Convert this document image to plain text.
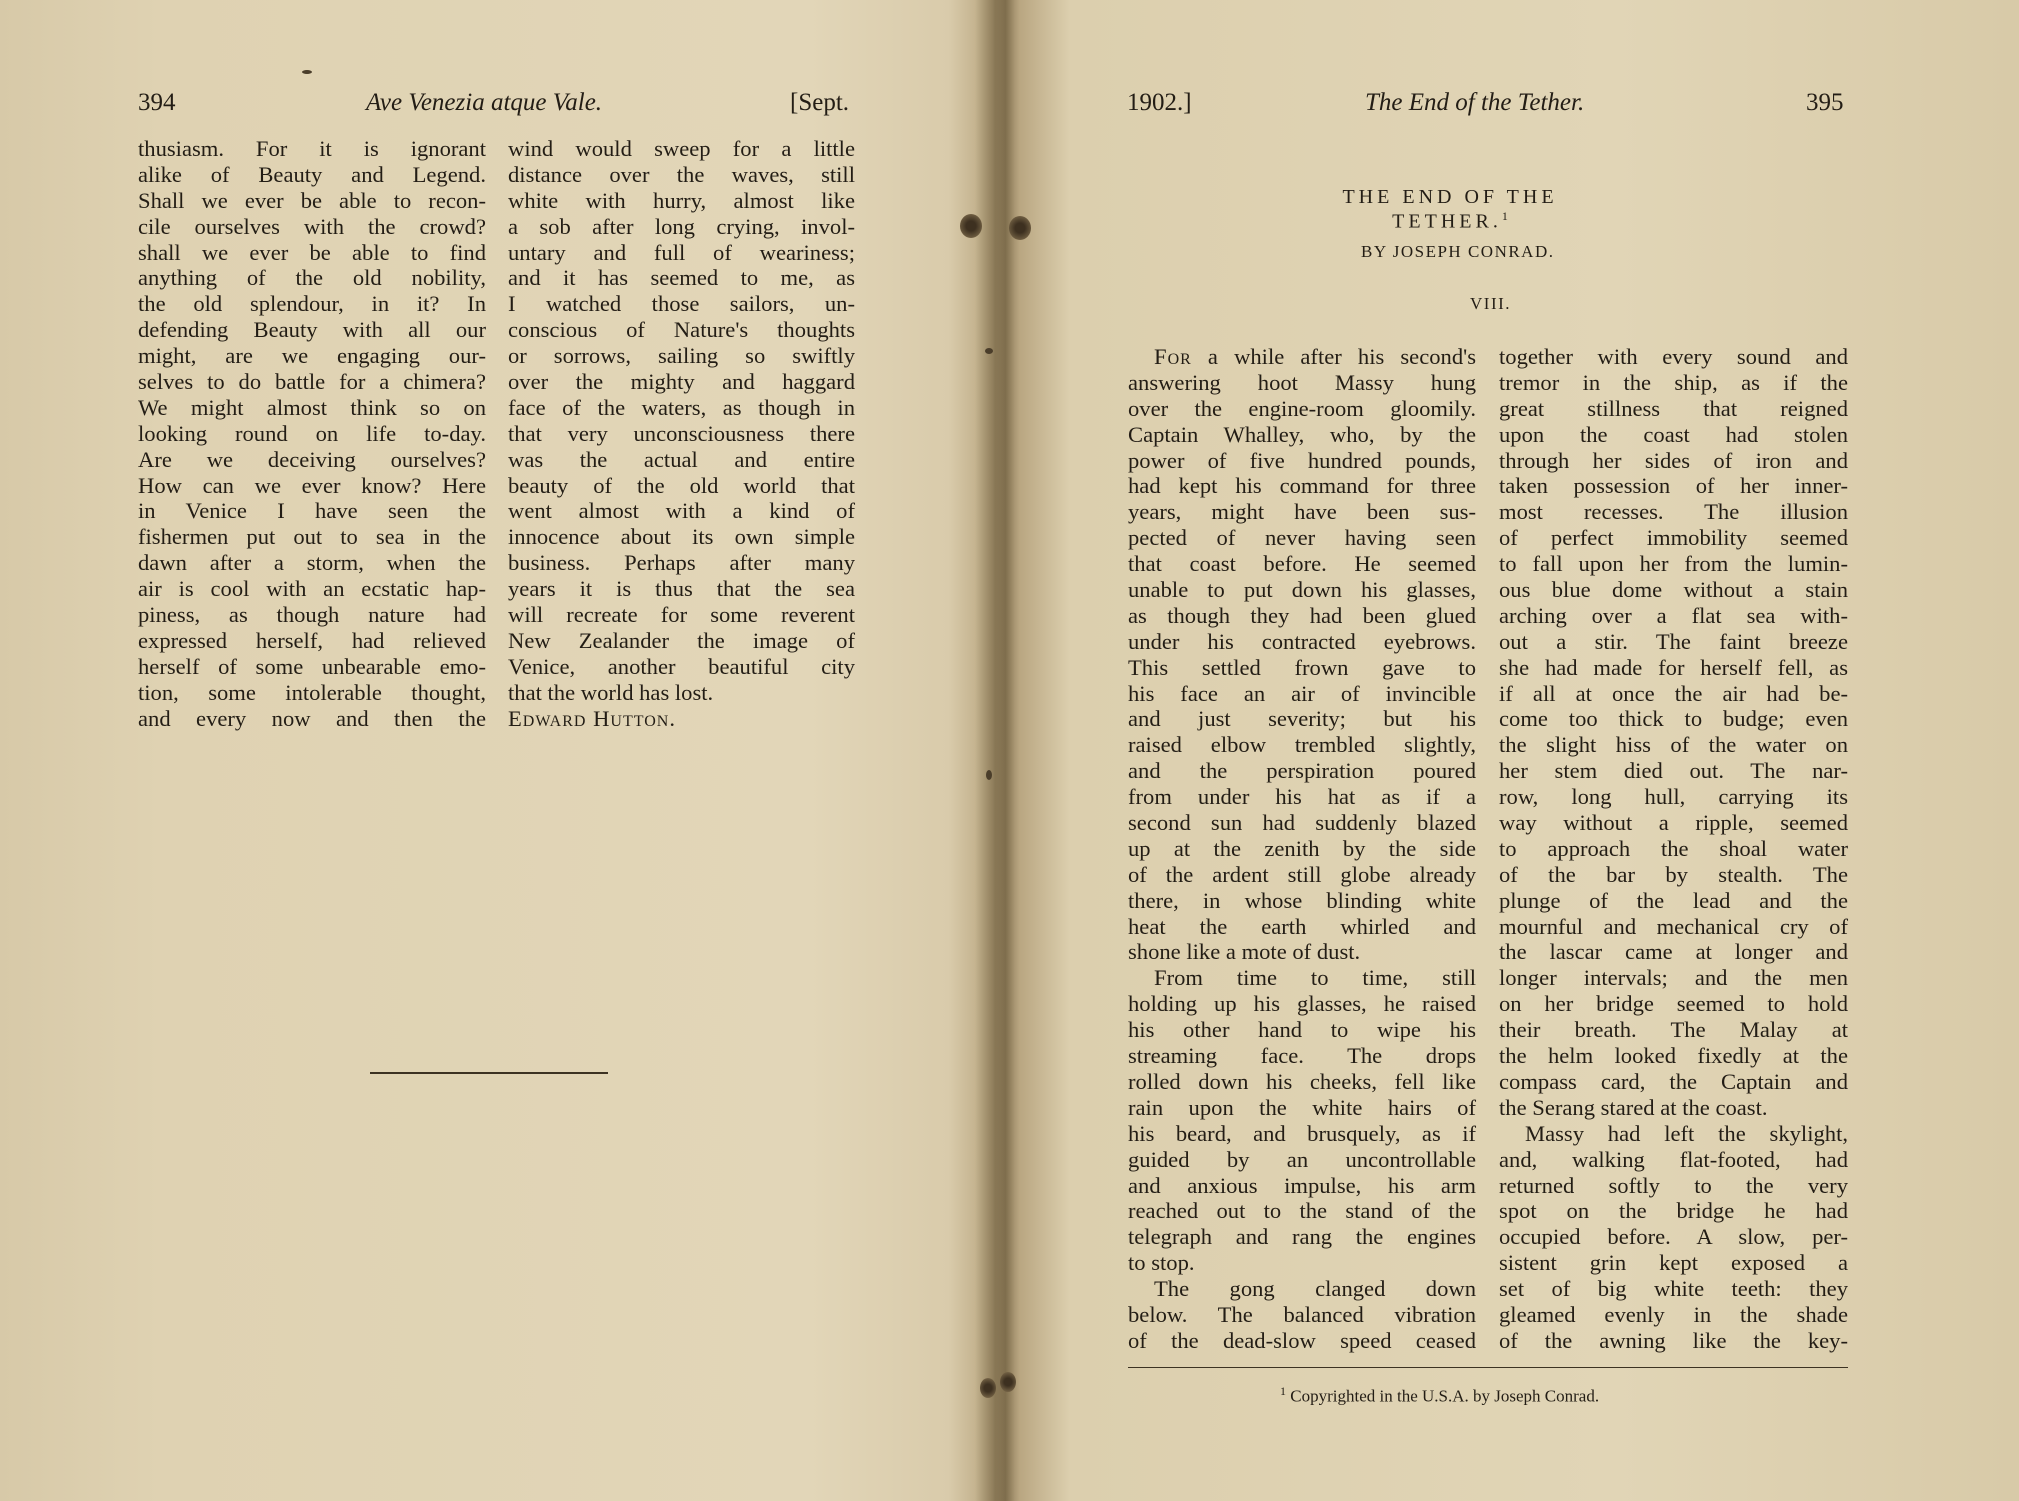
394	Ave Venezia atque Vale.	[Sept.
thusiasm. For it is ignorant
alike of Beauty and Legend.
Shall we ever be able to recon-
cile ourselves with the crowd?
shall we ever be able to find
anything of the old nobility,
the old splendour, in it? In
defending Beauty with all our
might, are we engaging our-
selves to do battle for a chimera?
We might almost think so on
looking round on life to-day.
Are we deceiving ourselves?
How can we ever know? Here
in Venice I have seen the
fishermen put out to sea in the
dawn after a storm, when the
air is cool with an ecstatic hap-
piness, as though nature had
expressed herself, had relieved
herself of some unbearable emo-
tion, some intolerable thought,
and every now and then the
wind would sweep for a little
distance over the waves, still
white with hurry, almost like
a sob after long crying, invol-
untary and full of weariness;
and it has seemed to me, as
I watched those sailors, un-
conscious of Nature's thoughts
or sorrows, sailing so swiftly
over the mighty and haggard
face of the waters, as though in
that very unconsciousness there
was the actual and entire
beauty of the old world that
went almost with a kind of
innocence about its own simple
business. Perhaps after many
years it is thus that the sea
will recreate for some reverent
New Zealander the image of
Venice, another beautiful city
that the world has lost.
Edward Hutton.
1902.]	The End of the Tether.	395
THE END OF THE TETHER.$^1$
BY JOSEPH CONRAD.
VIII.
For a while after his second's
answering hoot Massy hung
over the engine-room gloomily.
Captain Whalley, who, by the
power of five hundred pounds,
had kept his command for three
years, might have been sus-
pected of never having seen
that coast before. He seemed
unable to put down his glasses,
as though they had been glued
under his contracted eyebrows.
This settled frown gave to
his face an air of invincible
and just severity; but his
raised elbow trembled slightly,
and the perspiration poured
from under his hat as if a
second sun had suddenly blazed
up at the zenith by the side
of the ardent still globe already
there, in whose blinding white
heat the earth whirled and
shone like a mote of dust.
From time to time, still
holding up his glasses, he raised
his other hand to wipe his
streaming face. The drops
rolled down his cheeks, fell like
rain upon the white hairs of
his beard, and brusquely, as if
guided by an uncontrollable
and anxious impulse, his arm
reached out to the stand of the
telegraph and rang the engines
to stop.
The gong clanged down
below. The balanced vibration
of the dead-slow speed ceased
together with every sound and
tremor in the ship, as if the
great stillness that reigned
upon the coast had stolen
through her sides of iron and
taken possession of her inner-
most recesses. The illusion
of perfect immobility seemed
to fall upon her from the lumin-
ous blue dome without a stain
arching over a flat sea with-
out a stir. The faint breeze
she had made for herself fell, as
if all at once the air had be-
come too thick to budge; even
the slight hiss of the water on
her stem died out. The nar-
row, long hull, carrying its
way without a ripple, seemed
to approach the shoal water
of the bar by stealth. The
plunge of the lead and the
mournful and mechanical cry of
the lascar came at longer and
longer intervals; and the men
on her bridge seemed to hold
their breath. The Malay at
the helm looked fixedly at the
compass card, the Captain and
the Serang stared at the coast.
Massy had left the skylight,
and, walking flat-footed, had
returned softly to the very
spot on the bridge he had
occupied before. A slow, per-
sistent grin kept exposed a
set of big white teeth: they
gleamed evenly in the shade
of the awning like the key-
$^1$ Copyrighted in the U.S.A. by Joseph Conrad.
